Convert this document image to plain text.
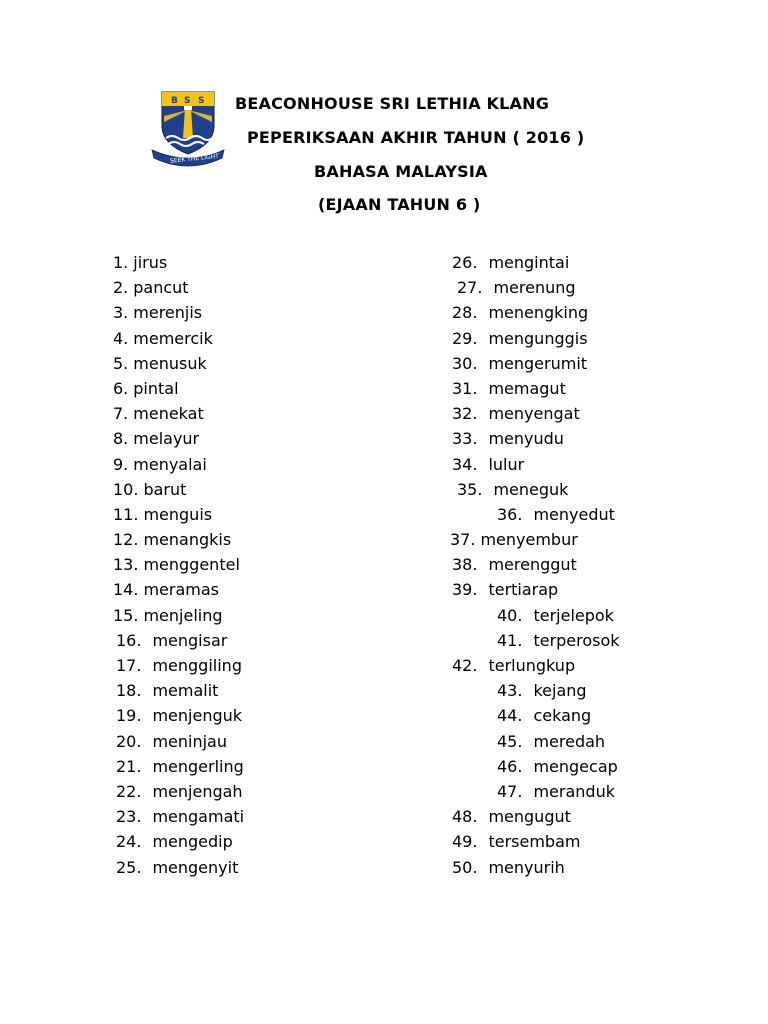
B S S
SEEK THE LIGHT
BEACONHOUSE SRI LETHIA KLANG
PEPERIKSAAN AKHIR TAHUN ( 2016 )
BAHASA MALAYSIA
(EJAAN TAHUN 6 )
1. jirus
2. pancut
3. merenjis
4. memercik
5. menusuk
6. pintal
7. menekat
8. melayur
9. menyalai
10. barut
11. menguis
12. menangkis
13. menggentel
14. meramas
15. menjeling
16. mengisar
17. menggiling
18. memalit
19. menjenguk
20. meninjau
21. mengerling
22. menjengah
23. mengamati
24. mengedip
25. mengenyit
26. mengintai
27. merenung
28. menengking
29. mengunggis
30. mengerumit
31. memagut
32. menyengat
33. menyudu
34. lulur
35. meneguk
36. menyedut
37. menyembur
38. merenggut
39. tertiarap
40. terjelepok
41. terperosok
42. terlungkup
43. kejang
44. cekang
45. meredah
46. mengecap
47. meranduk
48. mengugut
49. tersembam
50. menyurih
